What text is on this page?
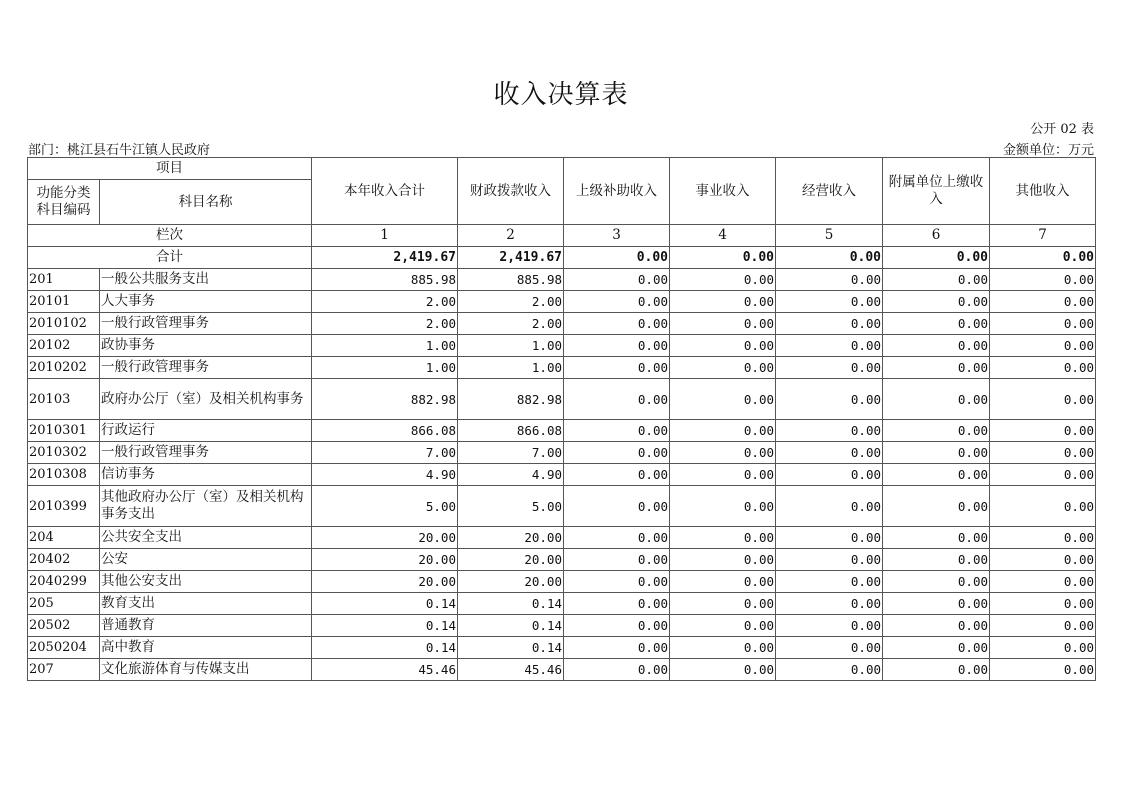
收入决算表
公开 02 表
部门：桃江县石牛江镇人民政府	金额单位：万元
项目		本年收入合计	财政拨款收入	上级补助收入	事业收入	经营收入	附属单位上缴收入	其他收入
功能分类
科目编码	科目名称							
栏次		1	2	3	4	5	6	7
合计		2,419.67	2,419.67	0.00	0.00	0.00	0.00	0.00
201	一般公共服务支出	885.98	885.98	0.00	0.00	0.00	0.00	0.00
20101	人大事务	2.00	2.00	0.00	0.00	0.00	0.00	0.00
2010102	一般行政管理事务	2.00	2.00	0.00	0.00	0.00	0.00	0.00
20102	政协事务	1.00	1.00	0.00	0.00	0.00	0.00	0.00
2010202	一般行政管理事务	1.00	1.00	0.00	0.00	0.00	0.00	0.00
20103	政府办公厅（室）及相关机构事务	882.98	882.98	0.00	0.00	0.00	0.00	0.00
2010301	行政运行	866.08	866.08	0.00	0.00	0.00	0.00	0.00
2010302	一般行政管理事务	7.00	7.00	0.00	0.00	0.00	0.00	0.00
2010308	信访事务	4.90	4.90	0.00	0.00	0.00	0.00	0.00
2010399	其他政府办公厅（室）及相关机构事务支出	5.00	5.00	0.00	0.00	0.00	0.00	0.00
204	公共安全支出	20.00	20.00	0.00	0.00	0.00	0.00	0.00
20402	公安	20.00	20.00	0.00	0.00	0.00	0.00	0.00
2040299	其他公安支出	20.00	20.00	0.00	0.00	0.00	0.00	0.00
205	教育支出	0.14	0.14	0.00	0.00	0.00	0.00	0.00
20502	普通教育	0.14	0.14	0.00	0.00	0.00	0.00	0.00
2050204	高中教育	0.14	0.14	0.00	0.00	0.00	0.00	0.00
207	文化旅游体育与传媒支出	45.46	45.46	0.00	0.00	0.00	0.00	0.00
